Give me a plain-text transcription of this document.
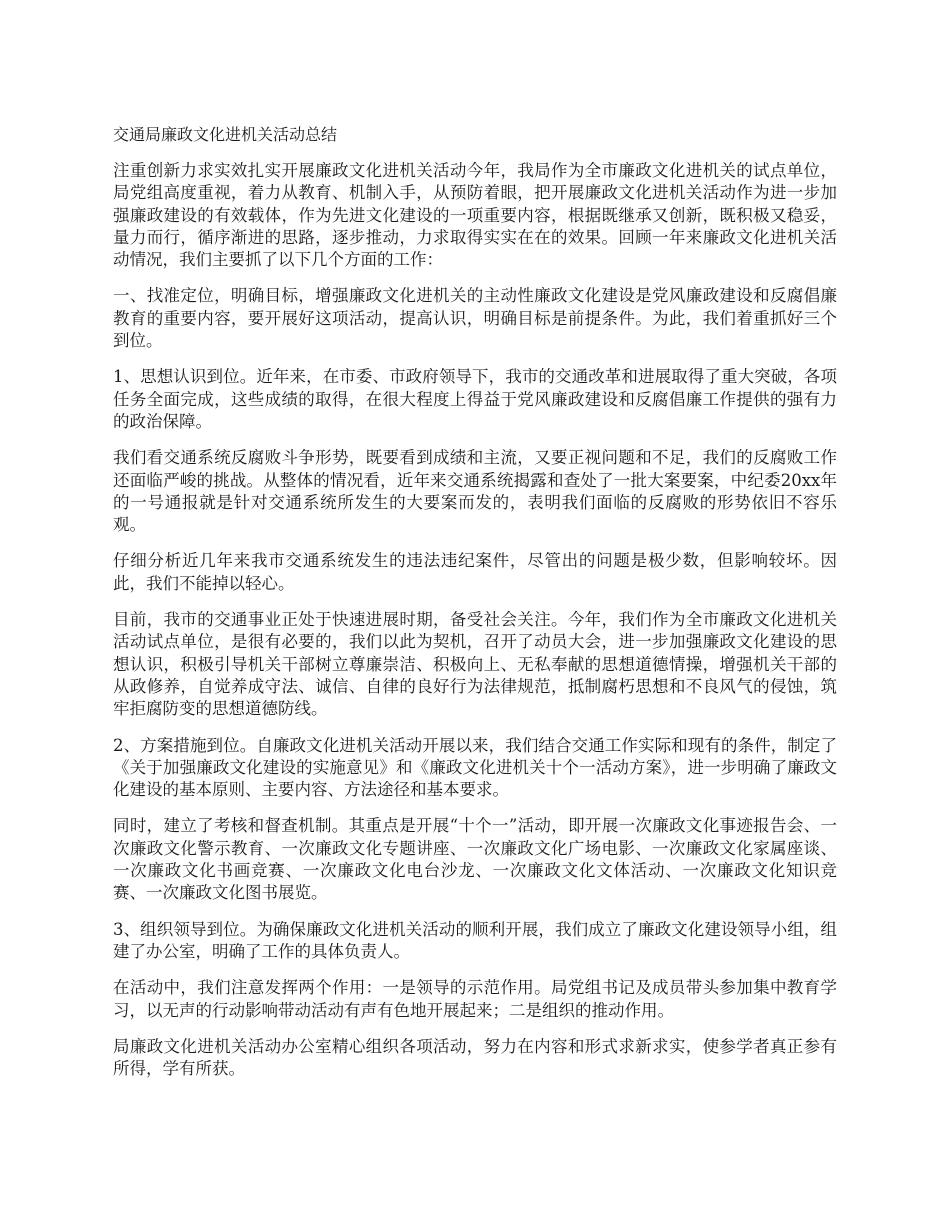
交通局廉政文化进机关活动总结

注重创新力求实效扎实开展廉政文化进机关活动今年，我局作为全市廉政文化进机关的试点单位，局党组高度重视，着力从教育、机制入手，从预防着眼，把开展廉政文化进机关活动作为进一步加强廉政建设的有效载体，作为先进文化建设的一项重要内容，根据既继承又创新，既积极又稳妥，量力而行，循序渐进的思路，逐步推动，力求取得实实在在的效果。回顾一年来廉政文化进机关活动情况，我们主要抓了以下几个方面的工作：

一、找准定位，明确目标，增强廉政文化进机关的主动性廉政文化建设是党风廉政建设和反腐倡廉教育的重要内容，要开展好这项活动，提高认识，明确目标是前提条件。为此，我们着重抓好三个到位。

1、思想认识到位。近年来，在市委、市政府领导下，我市的交通改革和进展取得了重大突破，各项任务全面完成，这些成绩的取得，在很大程度上得益于党风廉政建设和反腐倡廉工作提供的强有力的政治保障。

我们看交通系统反腐败斗争形势，既要看到成绩和主流，又要正视问题和不足，我们的反腐败工作还面临严峻的挑战。从整体的情况看，近年来交通系统揭露和查处了一批大案要案，中纪委20xx年的一号通报就是针对交通系统所发生的大要案而发的，表明我们面临的反腐败的形势依旧不容乐观。

仔细分析近几年来我市交通系统发生的违法违纪案件，尽管出的问题是极少数，但影响较坏。因此，我们不能掉以轻心。

目前，我市的交通事业正处于快速进展时期，备受社会关注。今年，我们作为全市廉政文化进机关活动试点单位，是很有必要的，我们以此为契机，召开了动员大会，进一步加强廉政文化建设的思想认识，积极引导机关干部树立尊廉崇洁、积极向上、无私奉献的思想道德情操，增强机关干部的从政修养，自觉养成守法、诚信、自律的良好行为法律规范，抵制腐朽思想和不良风气的侵蚀，筑牢拒腐防变的思想道德防线。

2、方案措施到位。自廉政文化进机关活动开展以来，我们结合交通工作实际和现有的条件，制定了《关于加强廉政文化建设的实施意见》和《廉政文化进机关十个一活动方案》，进一步明确了廉政文化建设的基本原则、主要内容、方法途径和基本要求。

同时，建立了考核和督查机制。其重点是开展“十个一”活动，即开展一次廉政文化事迹报告会、一次廉政文化警示教育、一次廉政文化专题讲座、一次廉政文化广场电影、一次廉政文化家属座谈、一次廉政文化书画竞赛、一次廉政文化电台沙龙、一次廉政文化文体活动、一次廉政文化知识竞赛、一次廉政文化图书展览。

3、组织领导到位。为确保廉政文化进机关活动的顺利开展，我们成立了廉政文化建设领导小组，组建了办公室，明确了工作的具体负责人。

在活动中，我们注意发挥两个作用：一是领导的示范作用。局党组书记及成员带头参加集中教育学习，以无声的行动影响带动活动有声有色地开展起来；二是组织的推动作用。

局廉政文化进机关活动办公室精心组织各项活动，努力在内容和形式求新求实，使参学者真正参有所得，学有所获。
